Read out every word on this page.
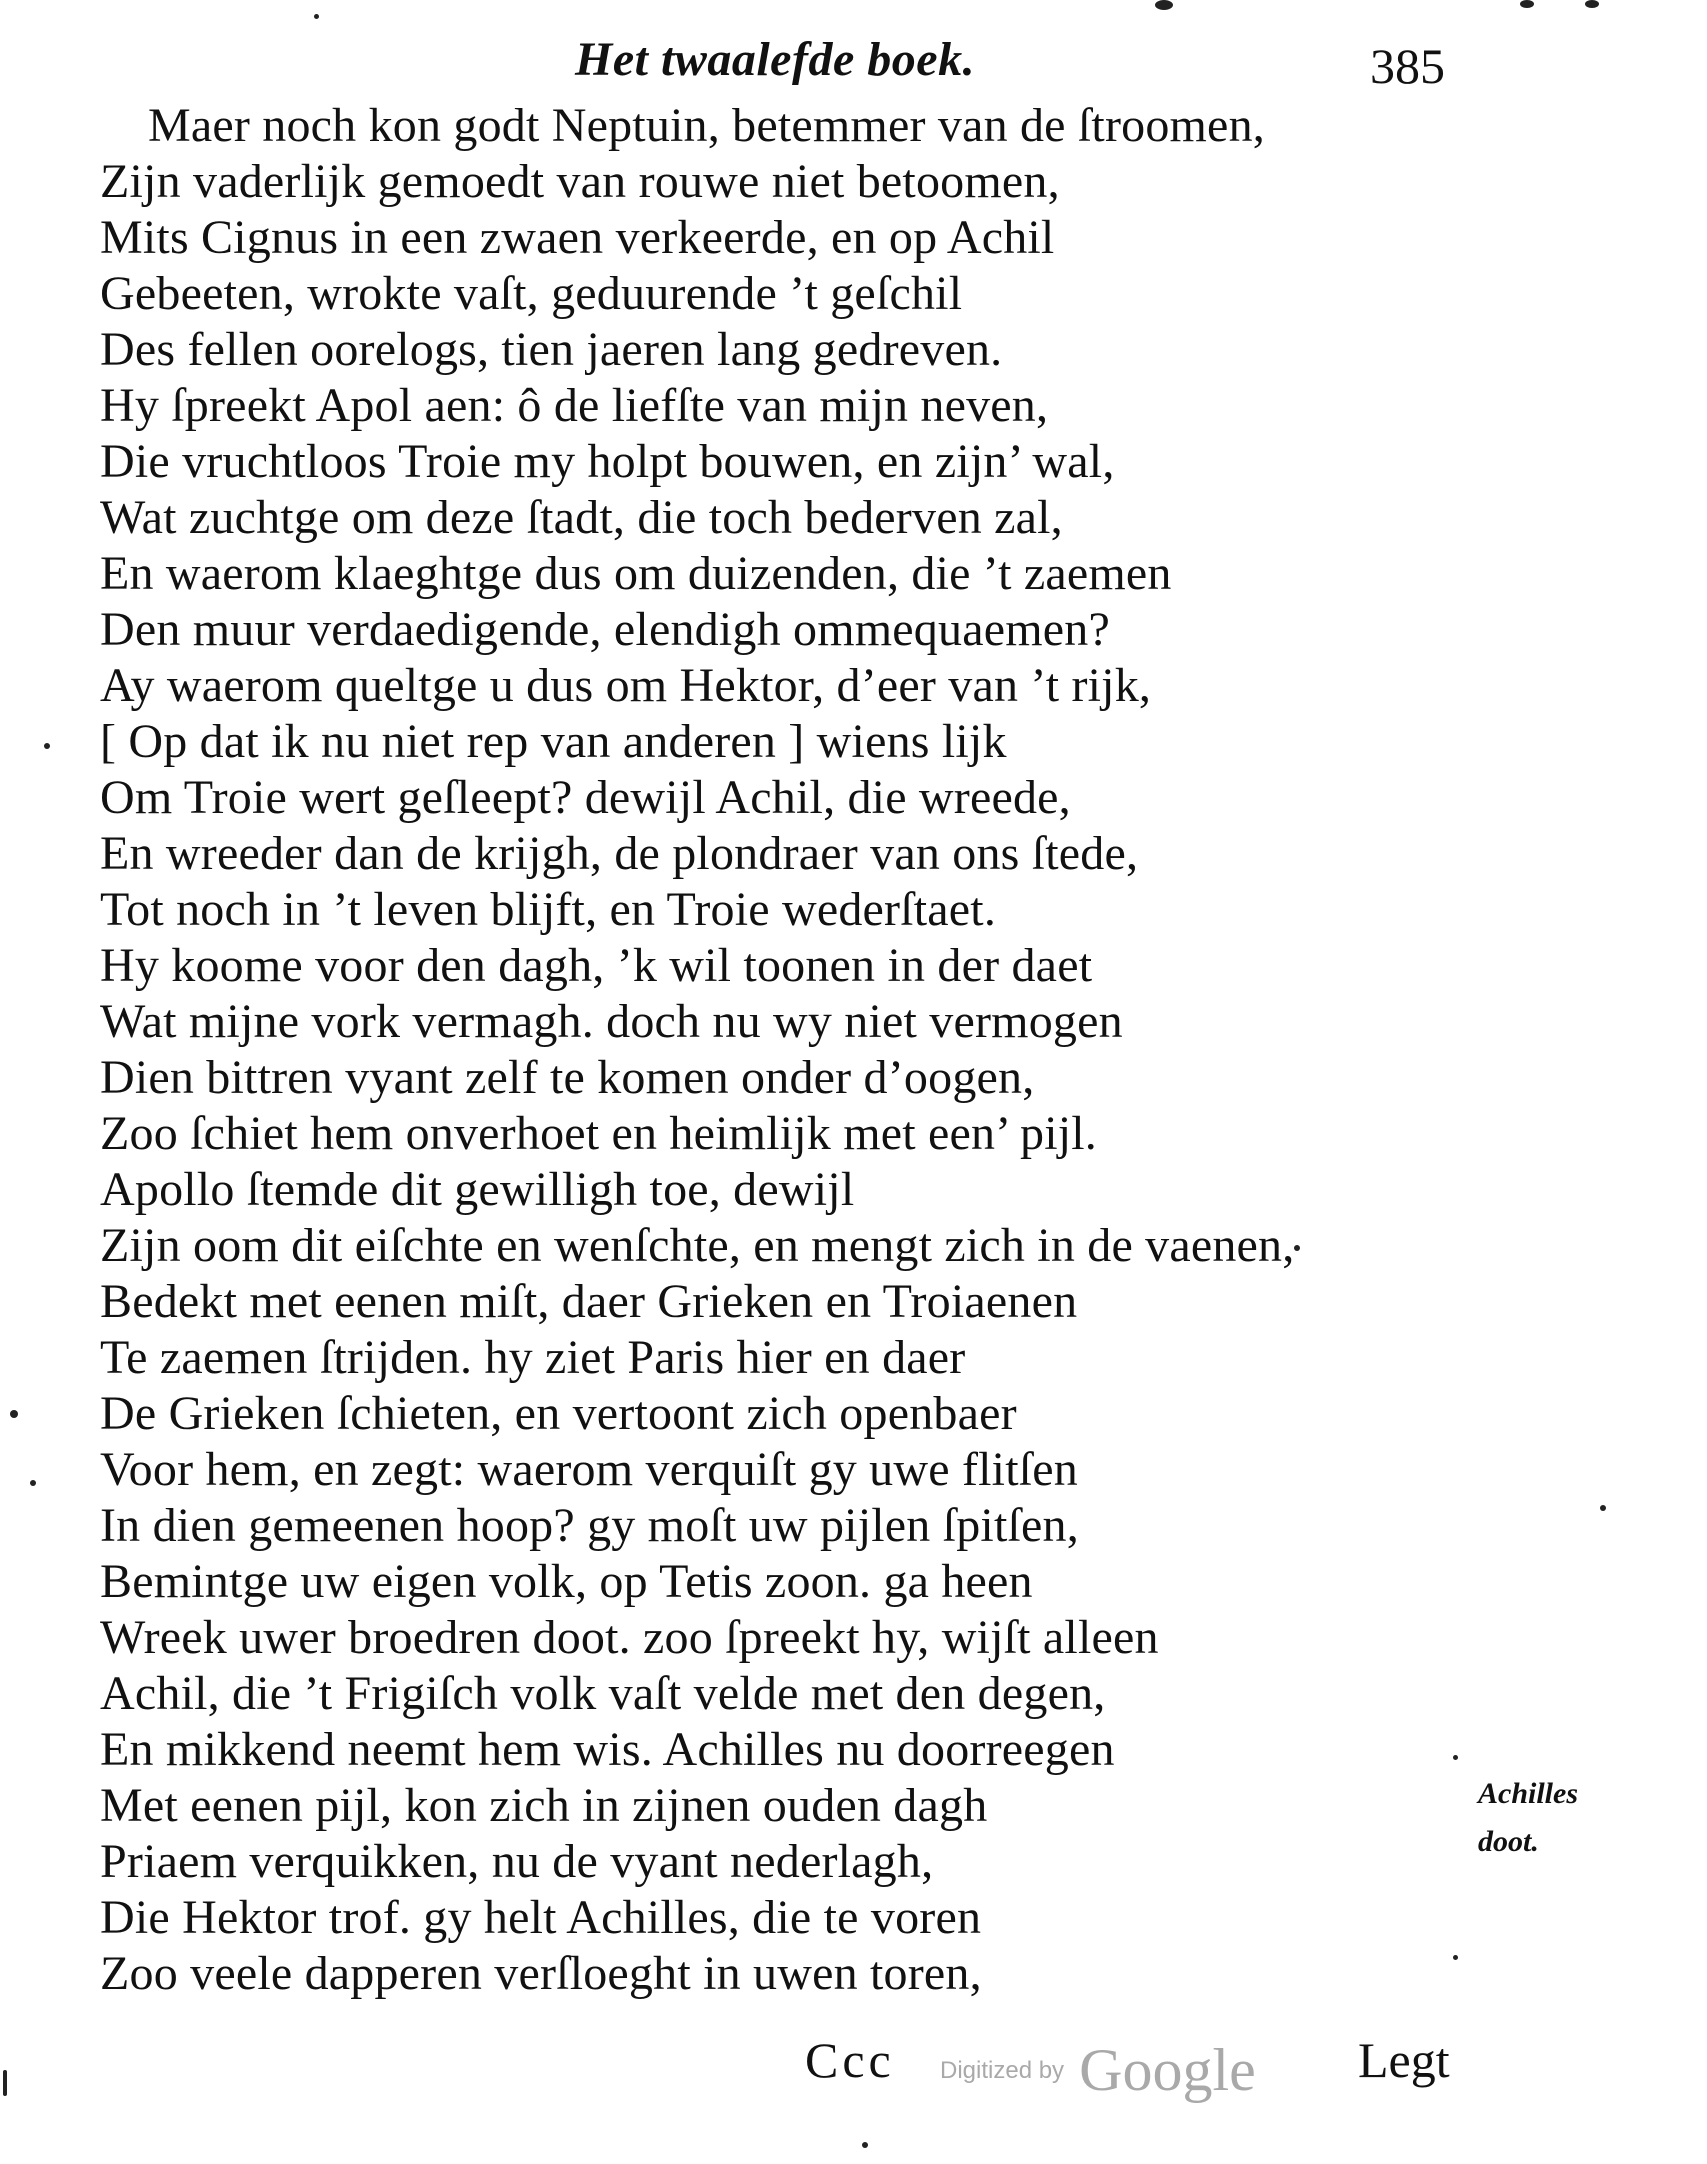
Het twaalefde boek.	385
Maer noch kon godt Neptuin, betemmer van de ſtroomen,
Zijn vaderlijk gemoedt van rouwe niet betoomen,
Mits Cignus in een zwaen verkeerde, en op Achil
Gebeeten, wrokte vaſt, geduurende ’t geſchil
Des fellen oorelogs, tien jaeren lang gedreven.
Hy ſpreekt Apol aen: ô de liefſte van mijn neven,
Die vruchtloos Troie my holpt bouwen, en zijn’ wal,
Wat zuchtge om deze ſtadt, die toch bederven zal,
En waerom klaeghtge dus om duizenden, die ’t zaemen
Den muur verdaedigende, elendigh ommequaemen?
Ay waerom queltge u dus om Hektor, d’eer van ’t rijk,
[ Op dat ik nu niet rep van anderen ] wiens lijk
Om Troie wert geſleept? dewijl Achil, die wreede,
En wreeder dan de krijgh, de plondraer van ons ſtede,
Tot noch in ’t leven blijft, en Troie wederſtaet.
Hy koome voor den dagh, ’k wil toonen in der daet
Wat mijne vork vermagh. doch nu wy niet vermogen
Dien bittren vyant zelf te komen onder d’oogen,
Zoo ſchiet hem onverhoet en heimlijk met een’ pijl.
Apollo ſtemde dit gewilligh toe, dewijl
Zijn oom dit eiſchte en wenſchte, en mengt zich in de vaenen,
Bedekt met eenen miſt, daer Grieken en Troiaenen
Te zaemen ſtrijden. hy ziet Paris hier en daer
De Grieken ſchieten, en vertoont zich openbaer
Voor hem, en zegt: waerom verquiſt gy uwe flitſen
In dien gemeenen hoop? gy moſt uw pijlen ſpitſen,
Bemintge uw eigen volk, op Tetis zoon. ga heen
Wreek uwer broedren doot. zoo ſpreekt hy, wijſt alleen
Achil, die ’t Frigiſch volk vaſt velde met den degen,
En mikkend neemt hem wis. Achilles nu doorreegen
Met eenen pijl, kon zich in zijnen ouden dagh
Priaem verquikken, nu de vyant nederlagh,
Die Hektor trof. gy helt Achilles, die te voren
Zoo veele dapperen verſloeght in uwen toren,
Achilles
doot.
Ccc Digitized by Google Legt
